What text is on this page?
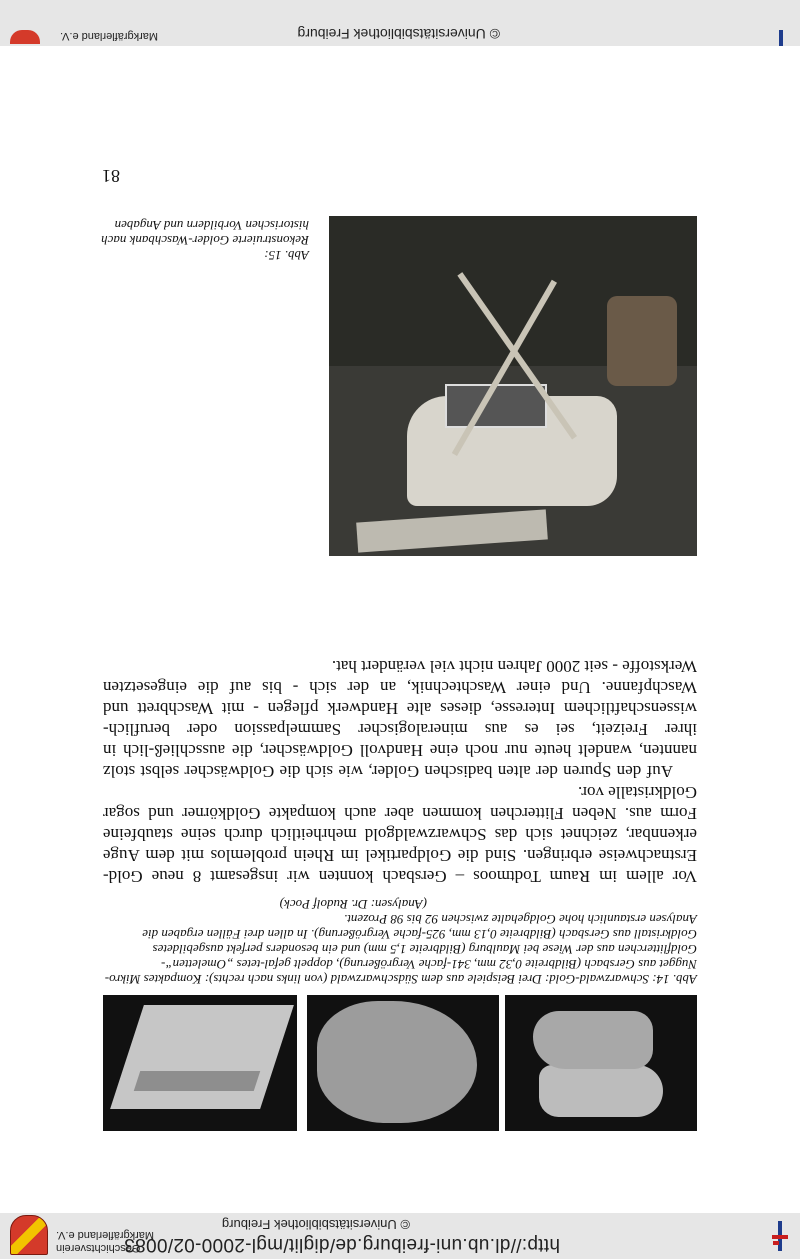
http://dl.ub.uni-freiburg.de/diglit/mgl-2000-02/0083
© Universitätsbibliothek Freiburg
Geschichtsverein
Markgräflerland e.V.
Abb. 14: Schwarzwald-Gold: Drei Beispiele aus dem Südschwarzwald (von links nach rechts): Kompaktes Mikro-Nugget aus Gersbach (Bildbreite 0,32 mm, 341-fache Vergrößerung), doppelt gefal-tetes „Omeletten“-Goldflitterchen aus der Wiese bei Maulburg (Bildbreite 1,5 mm) und ein besonders perfekt ausgebildetes Goldkristall aus Gersbach (Bildbreite 0,13 mm, 925-fache Vergrößerung). In allen drei Fällen ergaben die Analysen erstaunlich hohe Goldgehalte zwischen 92 bis 98 Prozent.
(Analysen: Dr. Rudolf Pock)

Vor allem im Raum Todtmoos – Gersbach konnten wir insgesamt 8 neue Gold-Erstnachweise erbringen. Sind die Goldpartikel im Rhein problemlos mit dem Auge erkennbar, zeichnet sich das Schwarzwaldgold mehrheitlich durch seine staubfeine Form aus. Neben Flitterchen kommen aber auch kompakte Goldkörner und sogar Goldkristalle vor.

Auf den Spuren der alten badischen Golder, wie sich die Goldwäscher selbst stolz nannten, wandelt heute nur noch eine Handvoll Goldwäscher, die ausschließ-lich in ihrer Freizeit, sei es aus mineralogischer Sammelpassion oder beruflich-wissenschaftlichem Interesse, dieses alte Handwerk pflegen - mit Waschbrett und Waschpfanne. Und einer Waschtechnik, an der sich - bis auf die eingesetzten Werkstoffe - seit 2000 Jahren nicht viel verändert hat.

Abb. 15:
Rekonstruierte Golder-Waschbank nach historischen Vorbildern und Angaben
81
© Universitätsbibliothek Freiburg
Markgräflerland e.V.
